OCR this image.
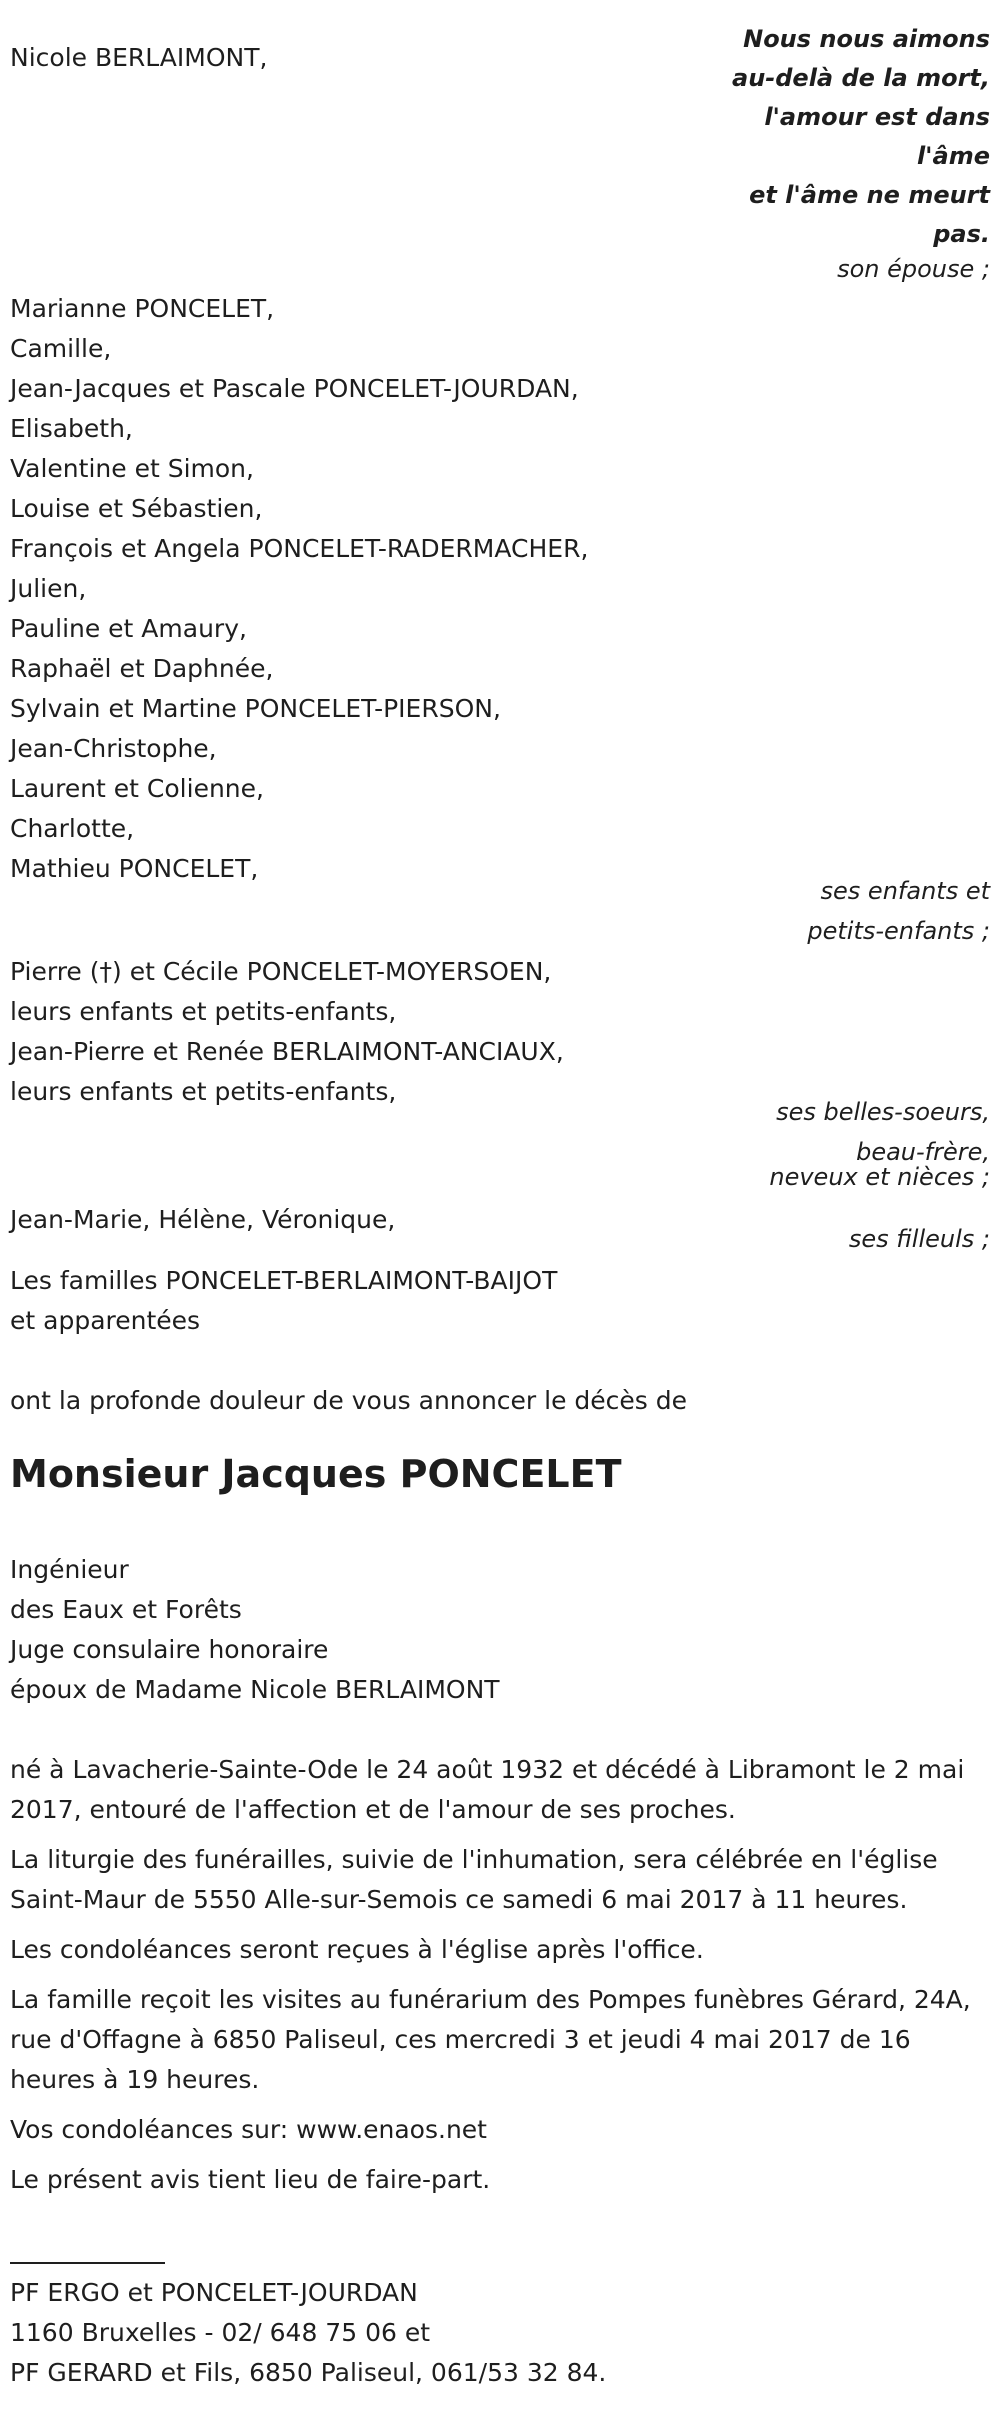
Nicole BERLAIMONT,
Nous nous aimons
au-delà de la mort,
l'amour est dans
l'âme
et l'âme ne meurt
pas.
son épouse ;
Marianne PONCELET,
Camille,
Jean-Jacques et Pascale PONCELET-JOURDAN,
Elisabeth,
Valentine et Simon,
Louise et Sébastien,
François et Angela PONCELET-RADERMACHER,
Julien,
Pauline et Amaury,
Raphaël et Daphnée,
Sylvain et Martine PONCELET-PIERSON,
Jean-Christophe,
Laurent et Colienne,
Charlotte,
Mathieu PONCELET,
ses enfants et
petits-enfants ;
Pierre (†) et Cécile PONCELET-MOYERSOEN,
leurs enfants et petits-enfants,
Jean-Pierre et Renée BERLAIMONT-ANCIAUX,
leurs enfants et petits-enfants,
ses belles-soeurs,
beau-frère,
neveux et nièces ;
Jean-Marie, Hélène, Véronique,
ses filleuls ;
Les familles PONCELET-BERLAIMONT-BAIJOT
et apparentées
ont la profonde douleur de vous annoncer le décès de
Monsieur Jacques PONCELET
Ingénieur
des Eaux et Forêts
Juge consulaire honoraire
époux de Madame Nicole BERLAIMONT
né à Lavacherie-Sainte-Ode le 24 août 1932 et décédé à Libramont le 2 mai 2017, entouré de l'affection et de l'amour de ses proches.
La liturgie des funérailles, suivie de l'inhumation, sera célébrée en l'église Saint-Maur de 5550 Alle-sur-Semois ce samedi 6 mai 2017 à 11 heures.
Les condoléances seront reçues à l'église après l'office.
La famille reçoit les visites au funérarium des Pompes funèbres Gérard, 24A, rue d'Offagne à 6850 Paliseul, ces mercredi 3 et jeudi 4 mai 2017 de 16 heures à 19 heures.
Vos condoléances sur: www.enaos.net
Le présent avis tient lieu de faire-part.
PF ERGO et PONCELET-JOURDAN
1160 Bruxelles - 02/ 648 75 06 et
PF GERARD et Fils, 6850 Paliseul, 061/53 32 84.
